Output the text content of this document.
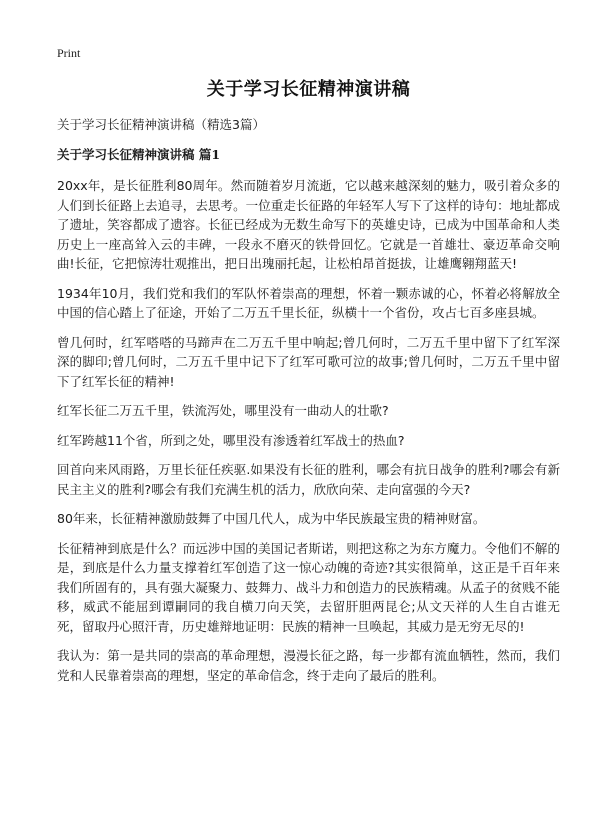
Print

关于学习长征精神演讲稿

关于学习长征精神演讲稿（精选3篇）

关于学习长征精神演讲稿 篇1

20xx年，是长征胜利80周年。然而随着岁月流逝，它以越来越深刻的魅力，吸引着众多的人们到长征路上去追寻，去思考。一位重走长征路的年轻军人写下了这样的诗句：地址都成了遗址，笑容都成了遗容。长征已经成为无数生命写下的英雄史诗，已成为中国革命和人类历史上一座高耸入云的丰碑，一段永不磨灭的铁骨回忆。它就是一首雄壮、豪迈革命交响曲!长征，它把惊涛壮观推出，把日出瑰丽托起，让松柏昂首挺拔，让雄鹰翱翔蓝天!

1934年10月，我们党和我们的军队怀着崇高的理想，怀着一颗赤诚的心，怀着必将解放全中国的信心踏上了征途，开始了二万五千里长征，纵横十一个省份，攻占七百多座县城。

曾几何时，红军嗒嗒的马蹄声在二万五千里中响起;曾几何时，二万五千里中留下了红军深深的脚印;曾几何时，二万五千里中记下了红军可歌可泣的故事;曾几何时，二万五千里中留下了红军长征的精神!

红军长征二万五千里，铁流泻处，哪里没有一曲动人的壮歌?

红军跨越11个省，所到之处，哪里没有渗透着红军战士的热血?

回首向来风雨路，万里长征任疾驱.如果没有长征的胜利，哪会有抗日战争的胜利?哪会有新民主主义的胜利?哪会有我们充满生机的活力，欣欣向荣、走向富强的今天?

80年来，长征精神激励鼓舞了中国几代人，成为中华民族最宝贵的精神财富。

长征精神到底是什么？而远涉中国的美国记者斯诺，则把这称之为东方魔力。令他们不解的是，到底是什么力量支撑着红军创造了这一惊心动魄的奇迹?其实很简单，这正是千百年来我们所固有的，具有强大凝聚力、鼓舞力、战斗力和创造力的民族精魂。从孟子的贫贱不能移，威武不能屈到谭嗣同的我自横刀向天笑，去留肝胆两昆仑;从文天祥的人生自古谁无死，留取丹心照汗青，历史雄辩地证明：民族的精神一旦唤起，其威力是无穷无尽的!

我认为：第一是共同的崇高的革命理想，漫漫长征之路，每一步都有流血牺牲，然而，我们党和人民靠着崇高的理想，坚定的革命信念，终于走向了最后的胜利。
